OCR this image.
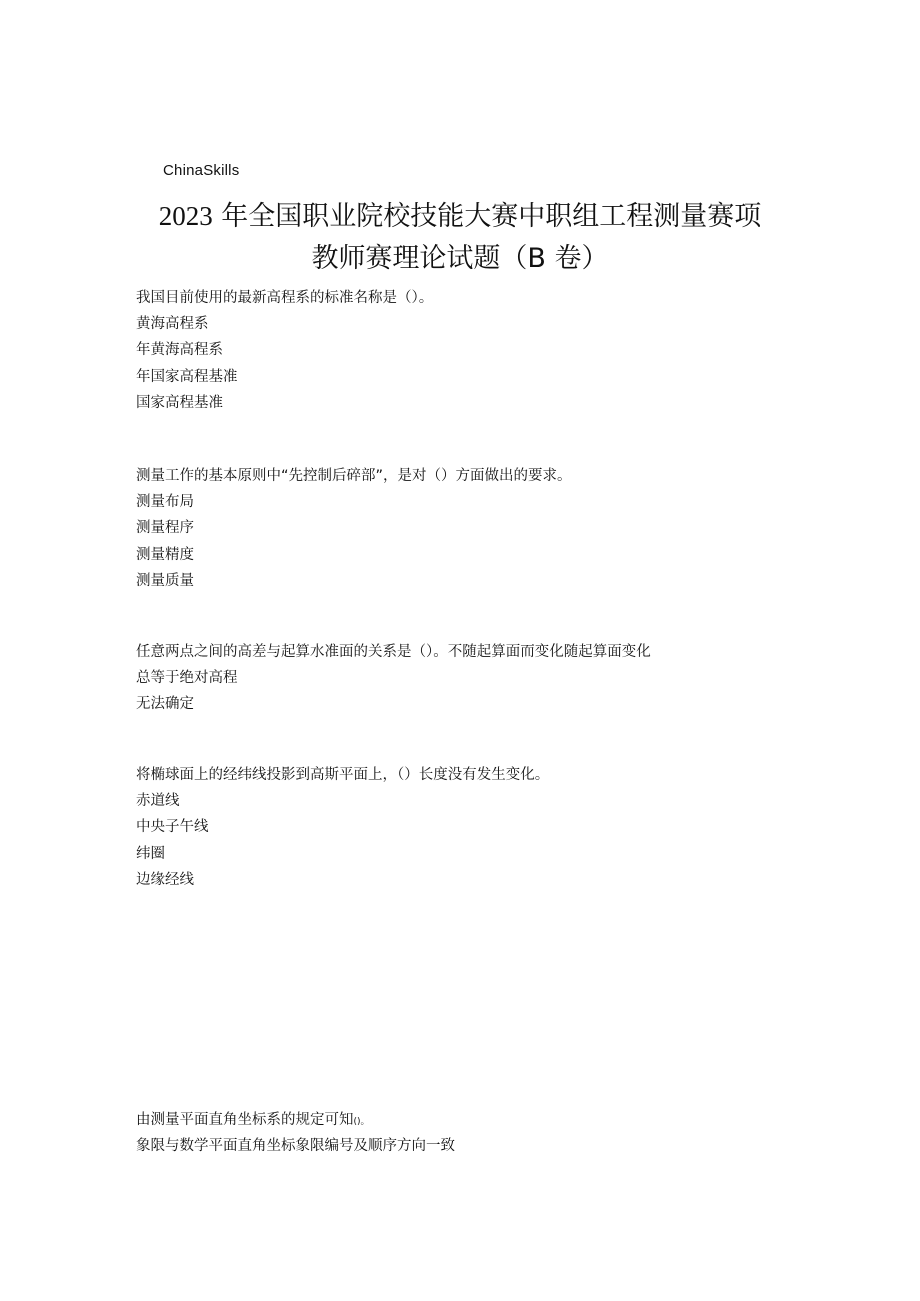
ChinaSkills
2023 年全国职业院校技能大赛中职组工程测量赛项
教师赛理论试题（B 卷）
我国目前使用的最新高程系的标准名称是（）。
黄海高程系
年黄海高程系
年国家高程基准
国家高程基准
测量工作的基本原则中“先控制后碎部”，是对（）方面做出的要求。
测量布局
测量程序
测量精度
测量质量
任意两点之间的高差与起算水准面的关系是（）。不随起算面而变化随起算面变化
总等于绝对高程
无法确定
将椭球面上的经纬线投影到高斯平面上，（）长度没有发生变化。
赤道线
中央子午线
纬圈
边缘经线
由测量平面直角坐标系的规定可知()。
象限与数学平面直角坐标象限编号及顺序方向一致
